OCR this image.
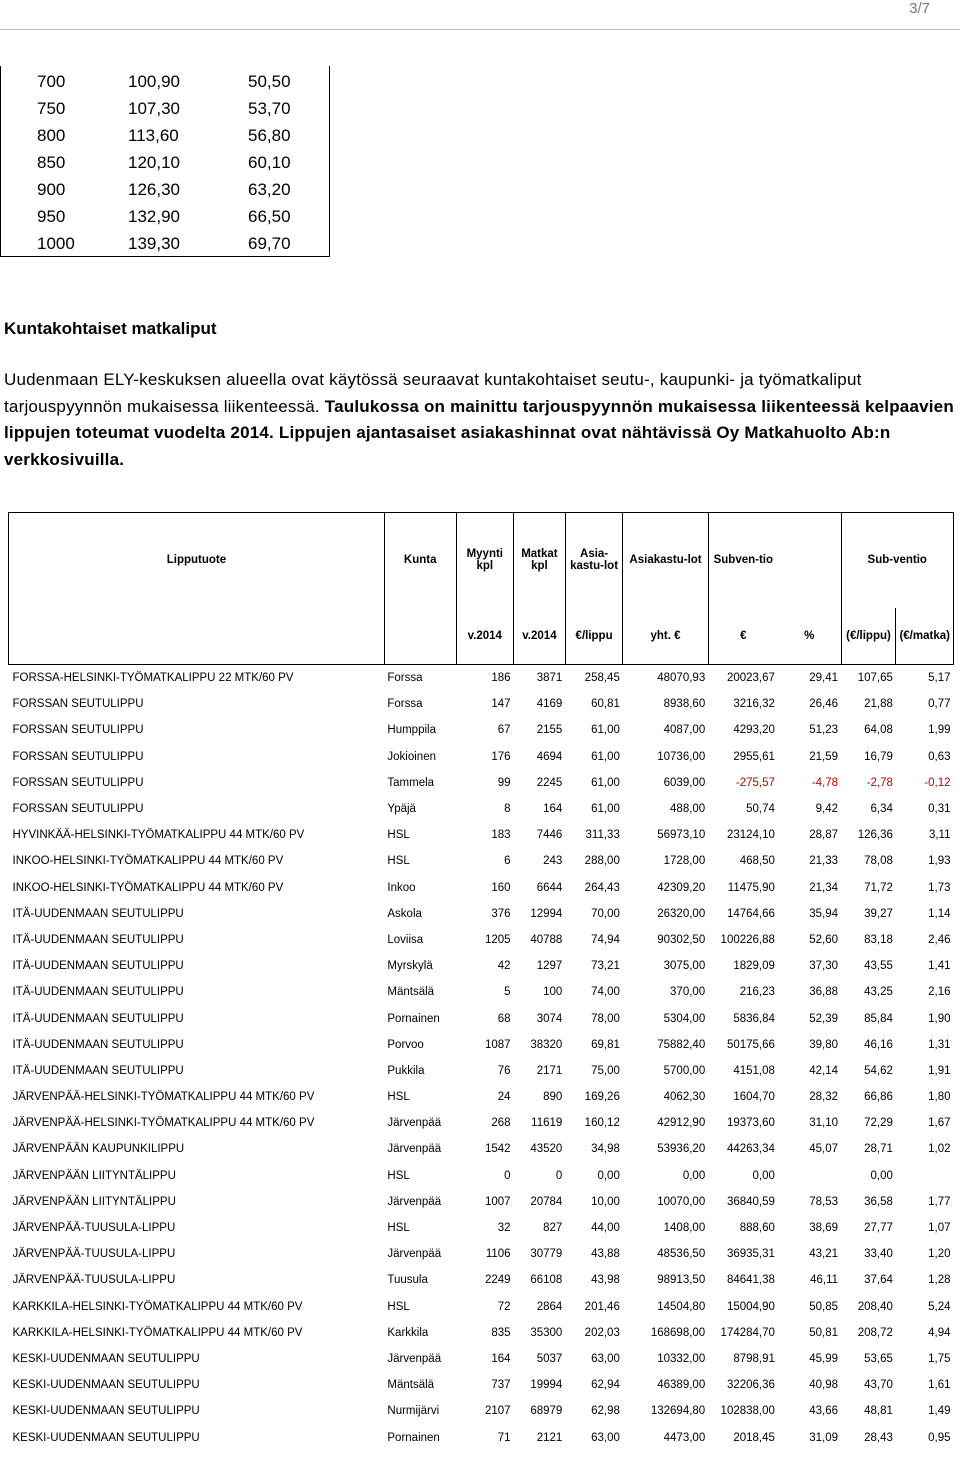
3/7
700	100,90	50,50
750	107,30	53,70
800	113,60	56,80
850	120,10	60,10
900	126,30	63,20
950	132,90	66,50
1000	139,30	69,70
Kuntakohtaiset matkaliput
Uudenmaan ELY-keskuksen alueella ovat käytössä seuraavat kuntakohtaiset seutu-, kaupunki- ja työmatkaliput tarjouspyynnön mukaisessa liikenteessä. Taulukossa on mainittu tarjouspyynnön mukaisessa liikenteessä kelpaavien lippujen toteumat vuodelta 2014. Lippujen ajantasaiset asiakashinnat ovat nähtävissä Oy Matkahuolto Ab:n verkkosivuilla.
Lipputuote	Kunta	Myynti kpl	Matkat kpl	Asia-kastu-lot	Asiakastu-lot	Subven-tio		Sub-ventio	
		v.2014	v.2014	€/lippu	yht. €	€	%	(€/lippu)	(€/matka)
FORSSA-HELSINKI-TYÖMATKALIPPU 22 MTK/60 PV	Forssa	186	3871	258,45	48070,93	20023,67	29,41	107,65	5,17
FORSSAN SEUTULIPPU	Forssa	147	4169	60,81	8938,60	3216,32	26,46	21,88	0,77
FORSSAN SEUTULIPPU	Humppila	67	2155	61,00	4087,00	4293,20	51,23	64,08	1,99
FORSSAN SEUTULIPPU	Jokioinen	176	4694	61,00	10736,00	2955,61	21,59	16,79	0,63
FORSSAN SEUTULIPPU	Tammela	99	2245	61,00	6039,00	-275,57	-4,78	-2,78	-0,12
FORSSAN SEUTULIPPU	Ypäjä	8	164	61,00	488,00	50,74	9,42	6,34	0,31
HYVINKÄÄ-HELSINKI-TYÖMATKALIPPU 44 MTK/60 PV	HSL	183	7446	311,33	56973,10	23124,10	28,87	126,36	3,11
INKOO-HELSINKI-TYÖMATKALIPPU 44 MTK/60 PV	HSL	6	243	288,00	1728,00	468,50	21,33	78,08	1,93
INKOO-HELSINKI-TYÖMATKALIPPU 44 MTK/60 PV	Inkoo	160	6644	264,43	42309,20	11475,90	21,34	71,72	1,73
ITÄ-UUDENMAAN SEUTULIPPU	Askola	376	12994	70,00	26320,00	14764,66	35,94	39,27	1,14
ITÄ-UUDENMAAN SEUTULIPPU	Loviisa	1205	40788	74,94	90302,50	100226,88	52,60	83,18	2,46
ITÄ-UUDENMAAN SEUTULIPPU	Myrskylä	42	1297	73,21	3075,00	1829,09	37,30	43,55	1,41
ITÄ-UUDENMAAN SEUTULIPPU	Mäntsälä	5	100	74,00	370,00	216,23	36,88	43,25	2,16
ITÄ-UUDENMAAN SEUTULIPPU	Pornainen	68	3074	78,00	5304,00	5836,84	52,39	85,84	1,90
ITÄ-UUDENMAAN SEUTULIPPU	Porvoo	1087	38320	69,81	75882,40	50175,66	39,80	46,16	1,31
ITÄ-UUDENMAAN SEUTULIPPU	Pukkila	76	2171	75,00	5700,00	4151,08	42,14	54,62	1,91
JÄRVENPÄÄ-HELSINKI-TYÖMATKALIPPU 44 MTK/60 PV	HSL	24	890	169,26	4062,30	1604,70	28,32	66,86	1,80
JÄRVENPÄÄ-HELSINKI-TYÖMATKALIPPU 44 MTK/60 PV	Järvenpää	268	11619	160,12	42912,90	19373,60	31,10	72,29	1,67
JÄRVENPÄÄN KAUPUNKILIPPU	Järvenpää	1542	43520	34,98	53936,20	44263,34	45,07	28,71	1,02
JÄRVENPÄÄN LIITYNTÄLIPPU	HSL	0	0	0,00	0,00	0,00		0,00	
JÄRVENPÄÄN LIITYNTÄLIPPU	Järvenpää	1007	20784	10,00	10070,00	36840,59	78,53	36,58	1,77
JÄRVENPÄÄ-TUUSULA-LIPPU	HSL	32	827	44,00	1408,00	888,60	38,69	27,77	1,07
JÄRVENPÄÄ-TUUSULA-LIPPU	Järvenpää	1106	30779	43,88	48536,50	36935,31	43,21	33,40	1,20
JÄRVENPÄÄ-TUUSULA-LIPPU	Tuusula	2249	66108	43,98	98913,50	84641,38	46,11	37,64	1,28
KARKKILA-HELSINKI-TYÖMATKALIPPU 44 MTK/60 PV	HSL	72	2864	201,46	14504,80	15004,90	50,85	208,40	5,24
KARKKILA-HELSINKI-TYÖMATKALIPPU 44 MTK/60 PV	Karkkila	835	35300	202,03	168698,00	174284,70	50,81	208,72	4,94
KESKI-UUDENMAAN SEUTULIPPU	Järvenpää	164	5037	63,00	10332,00	8798,91	45,99	53,65	1,75
KESKI-UUDENMAAN SEUTULIPPU	Mäntsälä	737	19994	62,94	46389,00	32206,36	40,98	43,70	1,61
KESKI-UUDENMAAN SEUTULIPPU	Nurmijärvi	2107	68979	62,98	132694,80	102838,00	43,66	48,81	1,49
KESKI-UUDENMAAN SEUTULIPPU	Pornainen	71	2121	63,00	4473,00	2018,45	31,09	28,43	0,95
